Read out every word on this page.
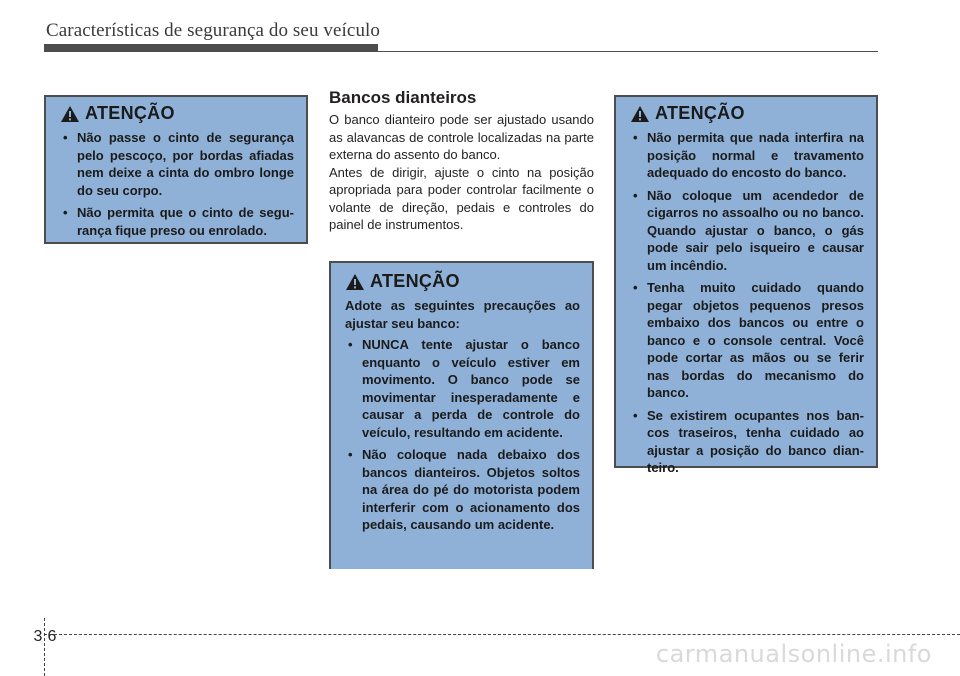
Características de segurança do seu veículo
ATENÇÃO
• Não passe o cinto de segurança pelo pescoço, por bordas afiadas nem deixe a cinta do ombro longe do seu corpo.
• Não permita que o cinto de segurança fique preso ou enrolado.
Bancos dianteiros

O banco dianteiro pode ser ajustado usando as alavancas de controle localizadas na parte externa do assento do banco.

Antes de dirigir, ajuste o cinto na posição apropriada para poder controlar facilmente o volante de direção, pedais e controles do painel de instrumentos.

ATENÇÃO

Adote as seguintes precauções ao ajustar seu banco:

• NUNCA tente ajustar o banco enquanto o veículo estiver em movimento. O banco pode se movimentar inesperadamente e causar a perda de controle do veículo, resultando em acidente.
• Não coloque nada debaixo dos bancos dianteiros. Objetos soltos na área do pé do motorista podem interferir com o acionamento dos pedais, causando um acidente.
ATENÇÃO
• Não permita que nada interfira na posição normal e travamento adequado do encosto do banco.
• Não coloque um acendedor de cigarros no assoalho ou no banco. Quando ajustar o banco, o gás pode sair pelo isqueiro e causar um incêndio.
• Tenha muito cuidado quando pegar objetos pequenos presos embaixo dos bancos ou entre o banco e o console central. Você pode cortar as mãos ou se ferir nas bordas do mecanismo do banco.
• Se existirem ocupantes nos bancos traseiros, tenha cuidado ao ajustar a posição do banco dianteiro.
3 6
carmanualsonline.info
